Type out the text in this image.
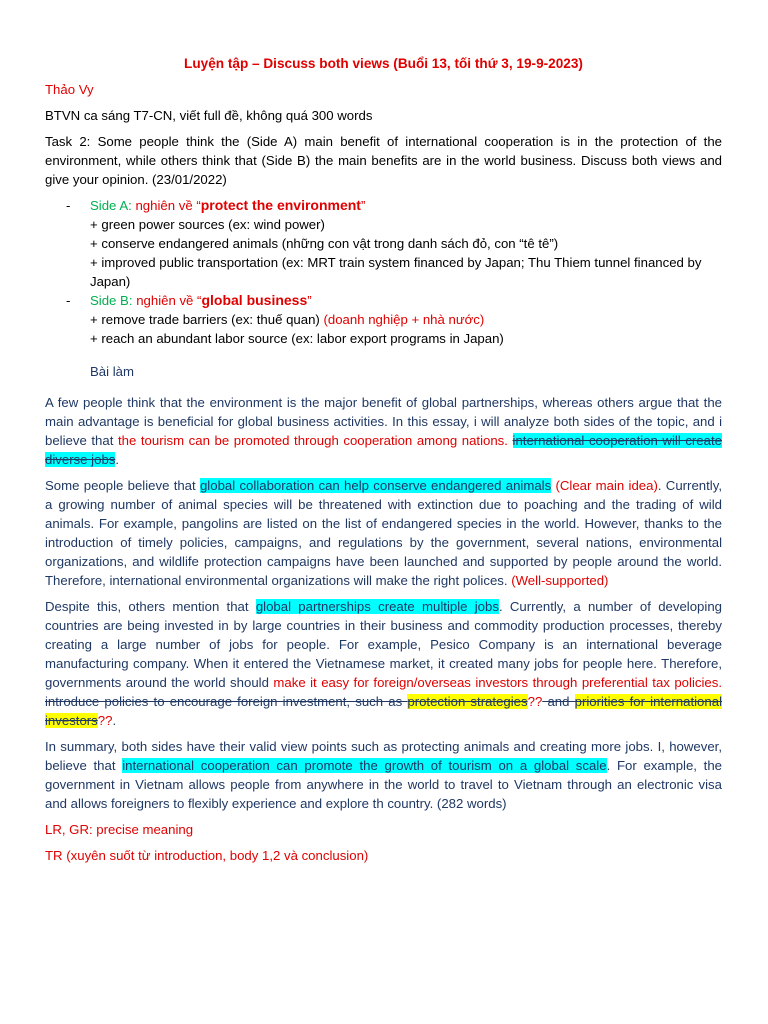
Luyện tập – Discuss both views (Buổi 13, tối thứ 3, 19-9-2023)

Thảo Vy

BTVN ca sáng T7-CN, viết full đề, không quá 300 words

Task 2: Some people think the (Side A) main benefit of international cooperation is in the protection of the environment, while others think that (Side B) the main benefits are in the world business. Discuss both views and give your opinion. (23/01/2022)

- Side A: nghiên về “protect the environment”
+ green power sources (ex: wind power)
+ conserve endangered animals (những con vật trong danh sách đỏ, con “tê tê”)
+ improved public transportation (ex: MRT train system financed by Japan; Thu Thiem tunnel financed by Japan)
- Side B: nghiên về “global business”
+ remove trade barriers (ex: thuế quan) (doanh nghiệp + nhà nước)
+ reach an abundant labor source (ex: labor export programs in Japan)

Bài làm

A few people think that the environment is the major benefit of global partnerships, whereas others argue that the main advantage is beneficial for global business activities. In this essay, i will analyze both sides of the topic, and i believe that the tourism can be promoted through cooperation among nations. international cooperation will create diverse jobs.

Some people believe that global collaboration can help conserve endangered animals (Clear main idea). Currently, a growing number of animal species will be threatened with extinction due to poaching and the trading of wild animals. For example, pangolins are listed on the list of endangered species in the world. However, thanks to the introduction of timely policies, campaigns, and regulations by the government, several nations, environmental organizations, and wildlife protection campaigns have been launched and supported by people around the world. Therefore, international environmental organizations will make the right polices. (Well-supported)

Despite this, others mention that global partnerships create multiple jobs. Currently, a number of developing countries are being invested in by large countries in their business and commodity production processes, thereby creating a large number of jobs for people. For example, Pesico Company is an international beverage manufacturing company. When it entered the Vietnamese market, it created many jobs for people here. Therefore, governments around the world should make it easy for foreign/overseas investors through preferential tax policies. introduce policies to encourage foreign investment, such as protection strategies?? and priorities for international investors??.

In summary, both sides have their valid view points such as protecting animals and creating more jobs. I, however, believe that international cooperation can promote the growth of tourism on a global scale. For example, the government in Vietnam allows people from anywhere in the world to travel to Vietnam through an electronic visa and allows foreigners to flexibly experience and explore th country. (282 words)

LR, GR: precise meaning

TR (xuyên suốt từ introduction, body 1,2 và conclusion)
